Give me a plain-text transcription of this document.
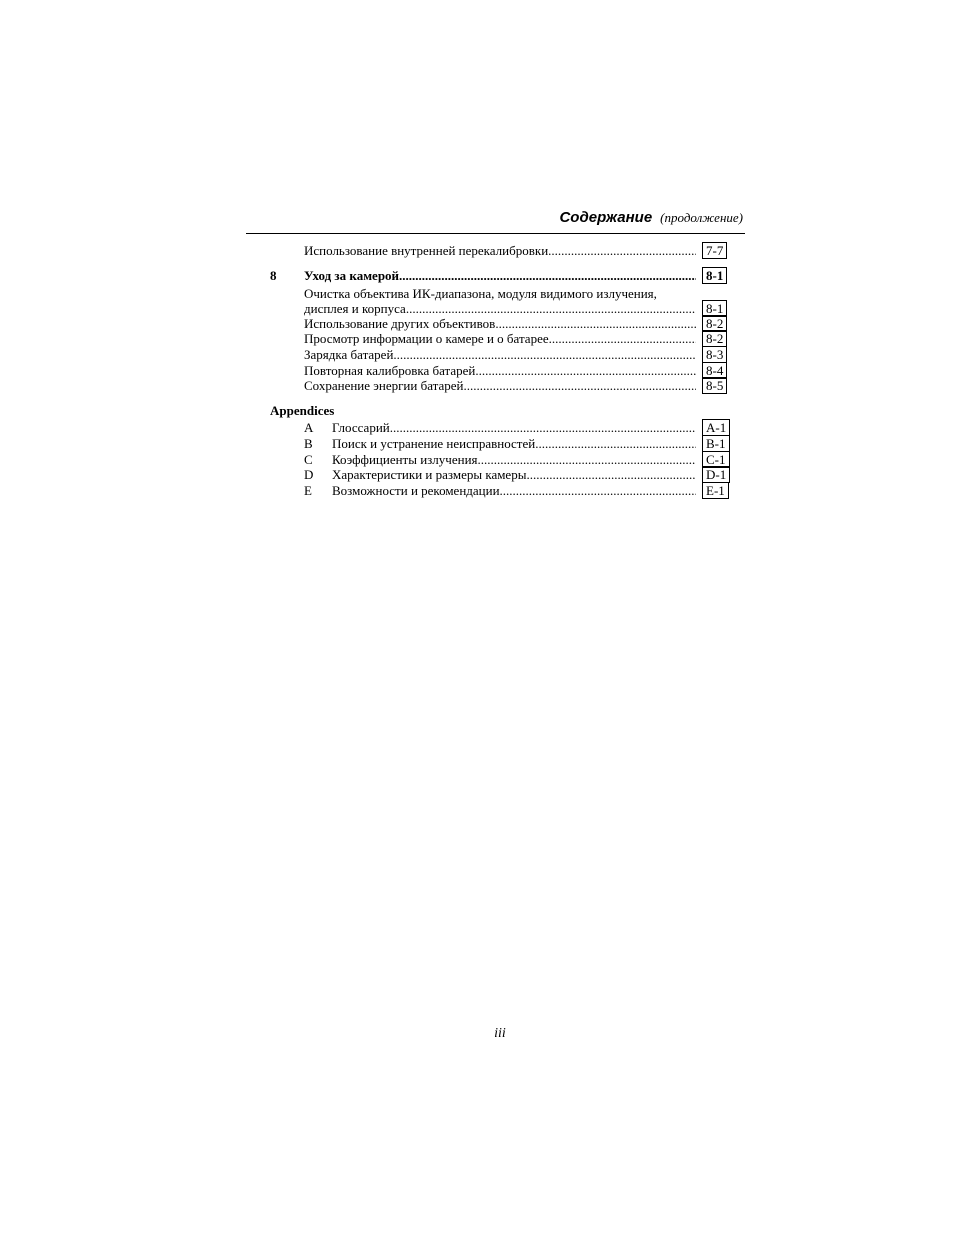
Содержание (продолжение)
Использование внутренней перекалибровки .....	7-7
8 Уход за камерой .....	8-1
Очистка объектива ИК-диапазона, модуля видимого излучения,
дисплея и корпуса .....	8-1
Использование других объективов .....	8-2
Просмотр информации о камере и о батарее .....	8-2
Зарядка батарей .....	8-3
Повторная калибровка батарей .....	8-4
Сохранение энергии батарей .....	8-5
Appendices
A Глоссарий .....	A-1
B Поиск и устранение неисправностей .....	B-1
C Коэффициенты излучения .....	C-1
D Характеристики и размеры камеры .....	D-1
E Возможности и рекомендации .....	E-1
iii
